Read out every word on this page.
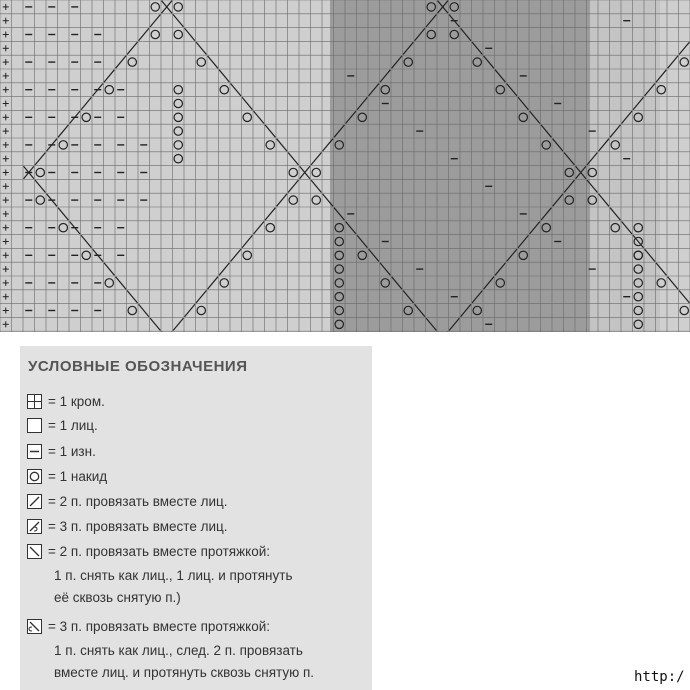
УСЛОВНЫЕ ОБОЗНАЧЕНИЯ
= 1 кром.
= 1 лиц.
= 1 изн.
= 1 накид
= 2 п. провязать вместе лиц.
= 3 п. провязать вместе лиц.
= 2 п. провязать вместе протяжкой:
1 п. снять как лиц., 1 лиц. и протянуть
её сквозь снятую п.)
= 3 п. провязать вместе протяжкой:
1 п. снять как лиц., след. 2 п. провязать
вместе лиц. и протянуть сквозь снятую п.	http:/
